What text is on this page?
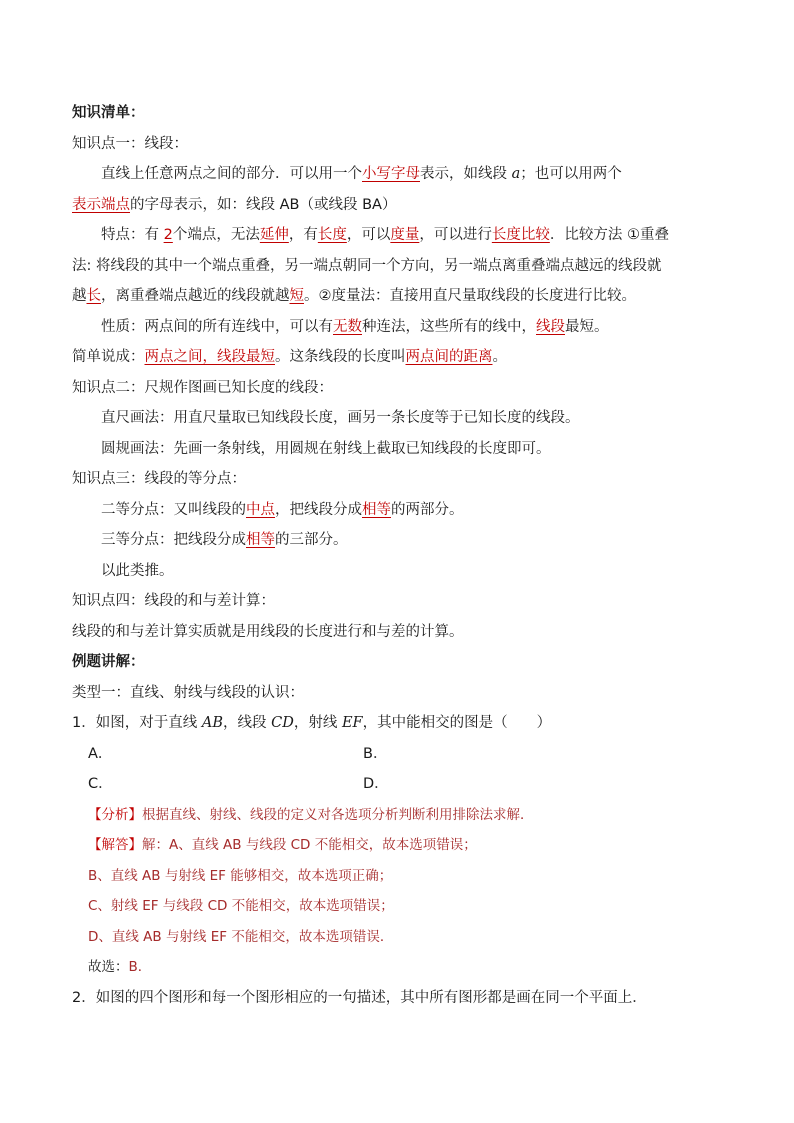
知识清单：
知识点一：线段：
直线上任意两点之间的部分．可以用一个小写字母表示，如线段 a；也可以用两个
表示端点的字母表示，如：线段 AB（或线段 BA）
特点：有 2个端点，无法延伸，有长度，可以度量，可以进行长度比较．比较方法 ①重叠
法: 将线段的其中一个端点重叠，另一端点朝同一个方向，另一端点离重叠端点越远的线段就
越长，离重叠端点越近的线段就越短。②度量法：直接用直尺量取线段的长度进行比较。
性质：两点间的所有连线中，可以有无数种连法，这些所有的线中，线段最短。
简单说成：两点之间，线段最短。这条线段的长度叫两点间的距离。
知识点二：尺规作图画已知长度的线段：
直尺画法：用直尺量取已知线段长度，画另一条长度等于已知长度的线段。
圆规画法：先画一条射线，用圆规在射线上截取已知线段的长度即可。
知识点三：线段的等分点：
二等分点：又叫线段的中点，把线段分成相等的两部分。
三等分点：把线段分成相等的三部分。
以此类推。
知识点四：线段的和与差计算：
线段的和与差计算实质就是用线段的长度进行和与差的计算。
例题讲解：
类型一：直线、射线与线段的认识：
1．如图，对于直线 AB，线段 CD，射线 EF，其中能相交的图是（　　）
A．	B．
C．	D．
【分析】根据直线、射线、线段的定义对各选项分析判断利用排除法求解．
【解答】解：A、直线 AB 与线段 CD 不能相交，故本选项错误；
B、直线 AB 与射线 EF 能够相交，故本选项正确；
C、射线 EF 与线段 CD 不能相交，故本选项错误；
D、直线 AB 与射线 EF 不能相交，故本选项错误．
故选：B．
2．如图的四个图形和每一个图形相应的一句描述，其中所有图形都是画在同一个平面上．
